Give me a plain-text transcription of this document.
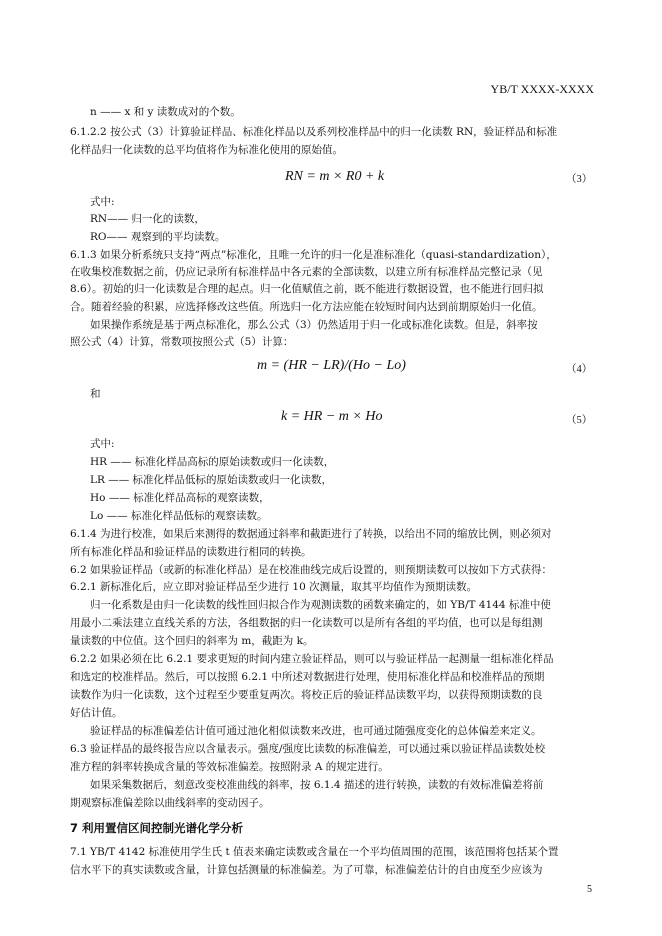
YB/T XXXX-XXXX
n —— x 和 y 读数成对的个数。
6.1.2.2 按公式（3）计算验证样品、标准化样品以及系列校准样品中的归一化读数 RN，验证样品和标准
化样品归一化读数的总平均值将作为标准化使用的原始值。
RN = m × R0 + k	（3）
式中:
RN—— 归一化的读数，
RO—— 观察到的平均读数。
6.1.3 如果分析系统只支持“两点”标准化，且唯一允许的归一化是准标准化（quasi-standardization），
在收集校准数据之前，仍应记录所有标准样品中各元素的全部读数，以建立所有标准样品完整记录（见
8.6）。初始的归一化读数是合理的起点。归一化值赋值之前，既不能进行数据设置，也不能进行回归拟
合。随着经验的积累，应选择修改这些值。所选归一化方法应能在较短时间内达到前期原始归一化值。
如果操作系统是基于两点标准化，那么公式（3）仍然适用于归一化或标准化读数。但是，斜率按
照公式（4）计算，常数项按照公式（5）计算：
m = (HR − LR)/(Ho − Lo)	（4）
和
k = HR − m × Ho	（5）
式中:
HR —— 标准化样品高标的原始读数或归一化读数，
LR —— 标准化样品低标的原始读数或归一化读数，
Ho —— 标准化样品高标的观察读数，
Lo —— 标准化样品低标的观察读数。
6.1.4 为进行校准，如果后来测得的数据通过斜率和截距进行了转换，以给出不同的缩放比例，则必须对
所有标准化样品和验证样品的读数进行相同的转换。
6.2 如果验证样品（或新的标准化样品）是在校准曲线完成后设置的，则预期读数可以按如下方式获得：
6.2.1 新标准化后，应立即对验证样品至少进行 10 次测量，取其平均值作为预期读数。
归一化系数是由归一化读数的线性回归拟合作为观测读数的函数来确定的，如 YB/T 4144 标准中使
用最小二乘法建立直线关系的方法，各组数据的归一化读数可以是所有各组的平均值，也可以是每组测
量读数的中位值。这个回归的斜率为 m，截距为 k。
6.2.2 如果必须在比 6.2.1 要求更短的时间内建立验证样品，则可以与验证样品一起测量一组标准化样品
和选定的校准样品。然后，可以按照 6.2.1 中所述对数据进行处理，使用标准化样品和校准样品的预期
读数作为归一化读数，这个过程至少要重复两次。将校正后的验证样品读数平均，以获得预期读数的良
好估计值。
验证样品的标准偏差估计值可通过池化相似读数来改进，也可通过随强度变化的总体偏差来定义。
6.3 验证样品的最终报告应以含量表示。强度/强度比读数的标准偏差，可以通过乘以验证样品读数处校
准方程的斜率转换成含量的等效标准偏差。按照附录 A 的规定进行。
如果采集数据后，刻意改变校准曲线的斜率，按 6.1.4 描述的进行转换，读数的有效标准偏差将前
期观察标准偏差除以曲线斜率的变动因子。
7 利用置信区间控制光谱化学分析
7.1 YB/T 4142 标准使用学生氏 t 值表来确定读数或含量在一个平均值周围的范围，该范围将包括某个置
信水平下的真实读数或含量，计算包括测量的标准偏差。为了可靠，标准偏差估计的自由度至少应该为
5
